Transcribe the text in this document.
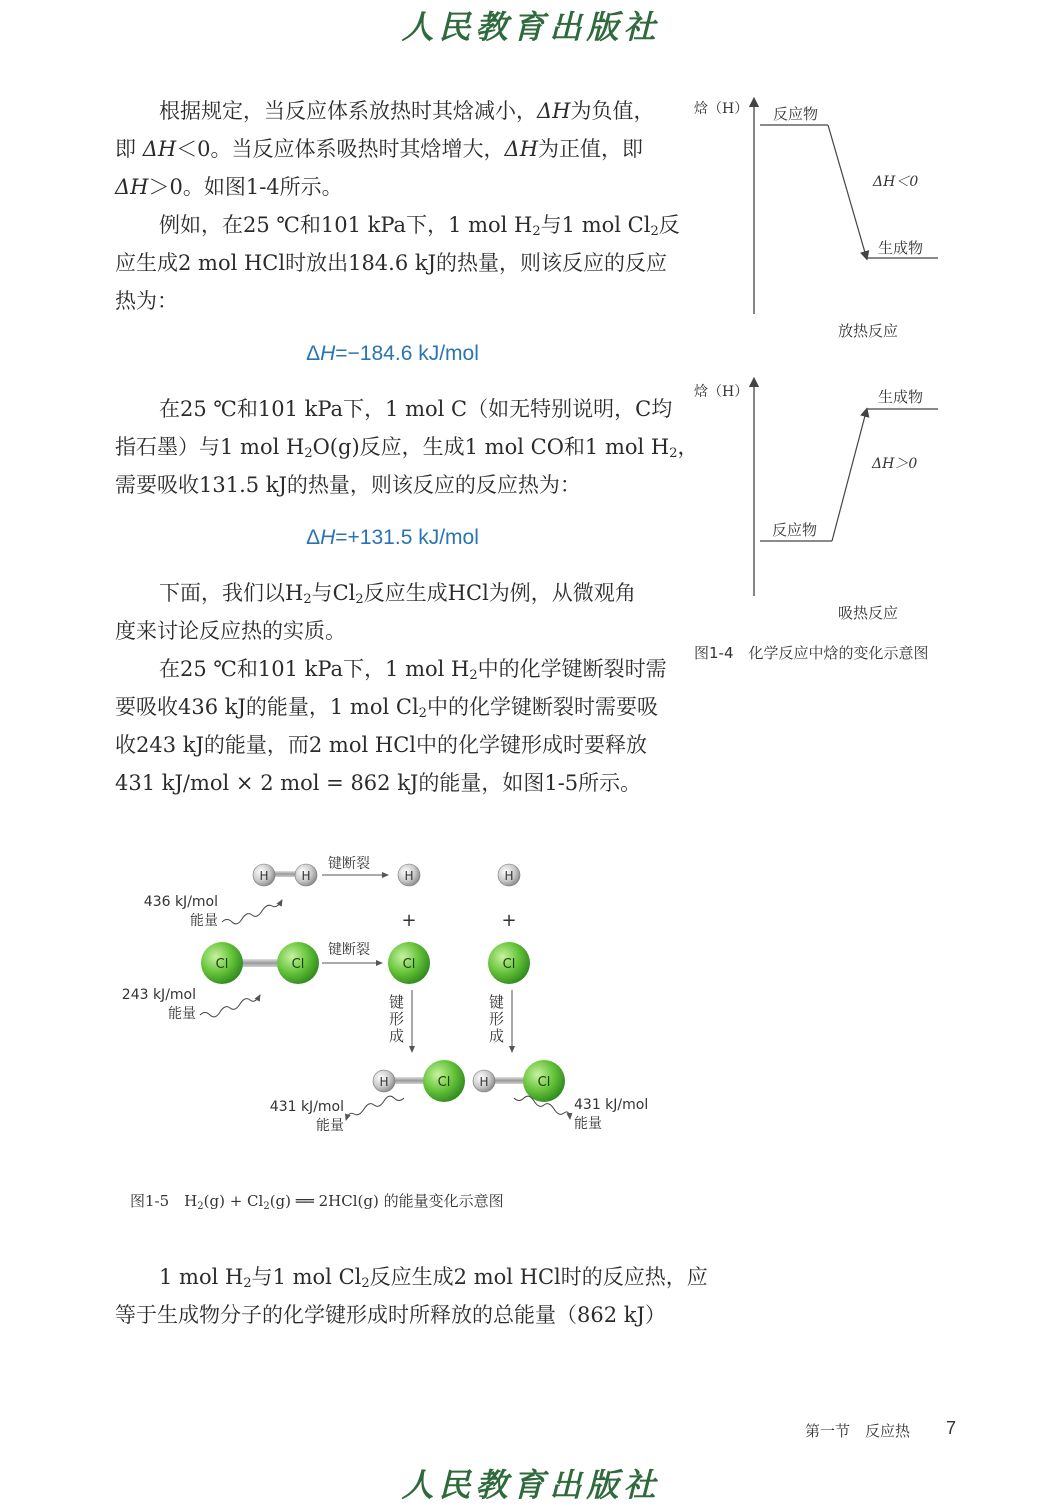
人民教育出版社
人民教育出版社
根据规定，当反应体系放热时其焓减小，ΔH为负值，
即 ΔH＜0。当反应体系吸热时其焓增大，ΔH为正值，即
ΔH＞0。如图1-4所示。
例如，在25 ℃和101 kPa下，1 mol $H_2$与1 mol $Cl_2$反
应生成2 mol HCl时放出184.6 kJ的热量，则该反应的反应
热为：
ΔH=−184.6 kJ/mol
在25 ℃和101 kPa下，1 mol C（如无特别说明，C均
指石墨）与1 mol $H_2O(g)$反应，生成1 mol CO和1 mol $H_2$，
需要吸收131.5 kJ的热量，则该反应的反应热为：
ΔH=+131.5 kJ/mol
下面，我们以$H_2$与$Cl_2$反应生成HCl为例，从微观角
度来讨论反应热的实质。
在25 ℃和101 kPa下，1 mol $H_2$中的化学键断裂时需
要吸收436 kJ的能量，1 mol $Cl_2$中的化学键断裂时需要吸
收243 kJ的能量，而2 mol HCl中的化学键形成时要释放
431 kJ/mol × 2 mol = 862 kJ的能量，如图1-5所示。
焓（H） 反应物
生成物
ΔH＜0
放热反应
焓（H）
反应物
生成物
ΔH＞0
吸热反应
图1-4　化学反应中焓的变化示意图
H	H
键断裂
H	H
436 kJ/mol
能量	+	+
Cl	Cl
键断裂
Cl	Cl
243 kJ/mol
能量
H	Cl H	Cl
431 kJ/mol
能量
431 kJ/mol
能量
键形成
键形成
图1-5　$H_2(g) + Cl_2(g)$ ══ 2HCl(g) 的能量变化示意图
1 mol $H_2$与1 mol $Cl_2$反应生成2 mol HCl时的反应热，应
等于生成物分子的化学键形成时所释放的总能量（862 kJ）
第一节　反应热 7
